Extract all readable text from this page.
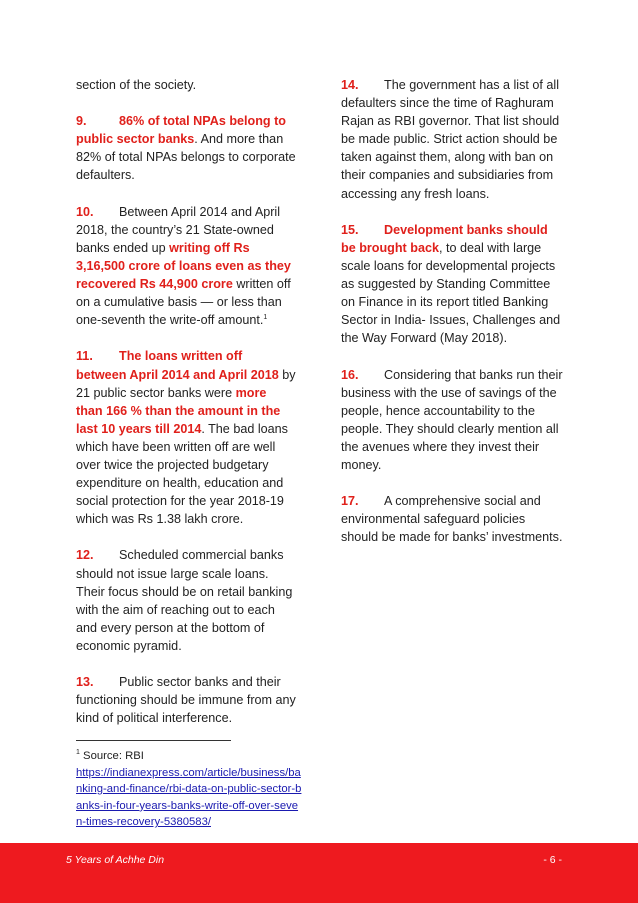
section of the society.

9.	86% of total NPAs belong to public sector banks. And more than 82% of total NPAs belongs to corporate defaulters.

10. Between April 2014 and April 2018, the country’s 21 State-owned banks ended up writing off Rs 3,16,500 crore of loans even as they recovered Rs 44,900 crore written off on a cumulative basis — or less than one-seventh the write-off amount.$^1$

11. The loans written off between April 2014 and April 2018 by 21 public sector banks were more than 166 % than the amount in the last 10 years till 2014. The bad loans which have been written off are well over twice the projected budgetary expenditure on health, education and social protection for the year 2018-19 which was Rs 1.38 lakh crore.

12. Scheduled commercial banks should not issue large scale loans. Their focus should be on retail banking with the aim of reaching out to each and every person at the bottom of economic pyramid.

13. Public sector banks and their functioning should be immune from any kind of political interference.

14. The government has a list of all defaulters since the time of Raghuram Rajan as RBI governor. That list should be made public. Strict action should be taken against them, along with ban on their companies and subsidiaries from accessing any fresh loans.

15. Development banks should be brought back, to deal with large scale loans for developmental projects as suggested by Standing Committee on Finance in its report titled Banking Sector in India- Issues, Challenges and the Way Forward (May 2018).

16. Considering that banks run their business with the use of savings of the people, hence accountability to the people. They should clearly mention all the avenues where they invest their money.

17. A comprehensive social and environmental safeguard policies should be made for banks’ investments.

$^1$ Source: RBI
https://indianexpress.com/article/business/banking-and-finance/rbi-data-on-public-sector-banks-in-four-years-banks-write-off-over-seven-times-recovery-5380583/
5 Years of Achhe Din	- 6 -
